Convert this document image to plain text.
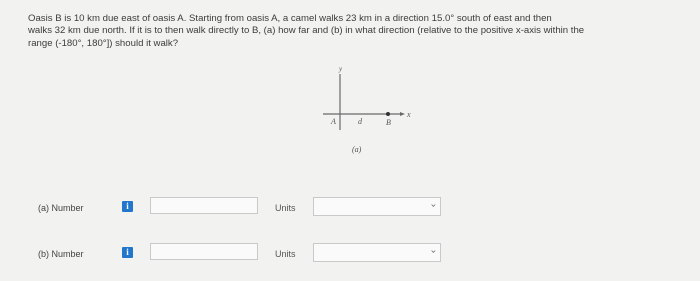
Oasis B is 10 km due east of oasis A. Starting from oasis A, a camel walks 23 km in a direction 15.0° south of east and then

walks 32 km due north. If it is to then walk directly to B, (a) how far and (b) in what direction (relative to the positive x-axis within the

range (-180°, 180°]) should it walk?

y
x
A	d	B
(a)
(a) Number	i	Units	›
(b) Number	i	Units	›
